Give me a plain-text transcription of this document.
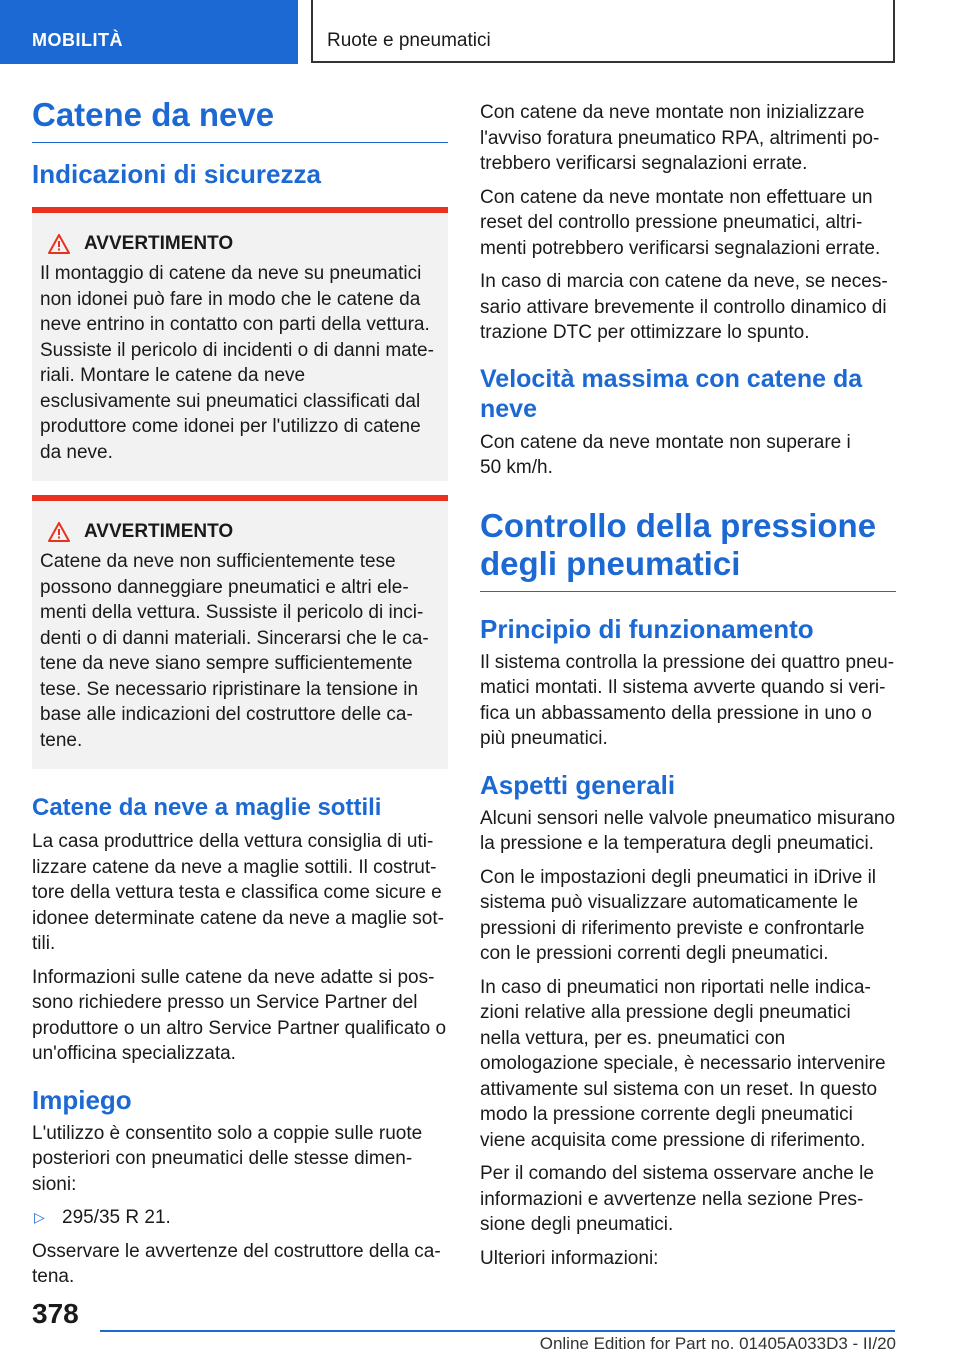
MOBILITÀ	Ruote e pneumatici
Catene da neve
Indicazioni di sicurezza
AVVERTIMENTO

Il montaggio di catene da neve su pneumatici non idonei può fare in modo che le catene da neve entrino in contatto con parti della vettura. Sussiste il pericolo di incidenti o di danni materiali. Montare le catene da neve esclusivamente sui pneumatici classificati dal produttore come idonei per l'utilizzo di catene da neve.

AVVERTIMENTO

Catene da neve non sufficientemente tese possono danneggiare pneumatici e altri elementi della vettura. Sussiste il pericolo di incidenti o di danni materiali. Sincerarsi che le catene da neve siano sempre sufficientemente tese. Se necessario ripristinare la tensione in base alle indicazioni del costruttore delle catene.

Catene da neve a maglie sottili

La casa produttrice della vettura consiglia di utilizzare catene da neve a maglie sottili. Il costruttore della vettura testa e classifica come sicure e idonee determinate catene da neve a maglie sottili.

Informazioni sulle catene da neve adatte si possono richiedere presso un Service Partner del produttore o un altro Service Partner qualificato o un'officina specializzata.

Impiego

L'utilizzo è consentito solo a coppie sulle ruote posteriori con pneumatici delle stesse dimensioni:

▷ 295/35 R 21.

Osservare le avvertenze del costruttore della catena.

Con catene da neve montate non inizializzare l'avviso foratura pneumatico RPA, altrimenti potrebbero verificarsi segnalazioni errate.

Con catene da neve montate non effettuare un reset del controllo pressione pneumatici, altrimenti potrebbero verificarsi segnalazioni errate.

In caso di marcia con catene da neve, se necessario attivare brevemente il controllo dinamico di trazione DTC per ottimizzare lo spunto.

Velocità massima con catene da neve

Con catene da neve montate non superare i 50 km/h.

Controllo della pressione degli pneumatici
Principio di funzionamento

Il sistema controlla la pressione dei quattro pneumatici montati. Il sistema avverte quando si verifica un abbassamento della pressione in uno o più pneumatici.

Aspetti generali

Alcuni sensori nelle valvole pneumatico misurano la pressione e la temperatura degli pneumatici.

Con le impostazioni degli pneumatici in iDrive il sistema può visualizzare automaticamente le pressioni di riferimento previste e confrontarle con le pressioni correnti degli pneumatici.

In caso di pneumatici non riportati nelle indicazioni relative alla pressione degli pneumatici nella vettura, per es. pneumatici con omologazione speciale, è necessario intervenire attivamente sul sistema con un reset. In questo modo la pressione corrente degli pneumatici viene acquisita come pressione di riferimento.

Per il comando del sistema osservare anche le informazioni e avvertenze nella sezione Pressione degli pneumatici.

Ulteriori informazioni:

378
Online Edition for Part no. 01405A033D3 - II/20
